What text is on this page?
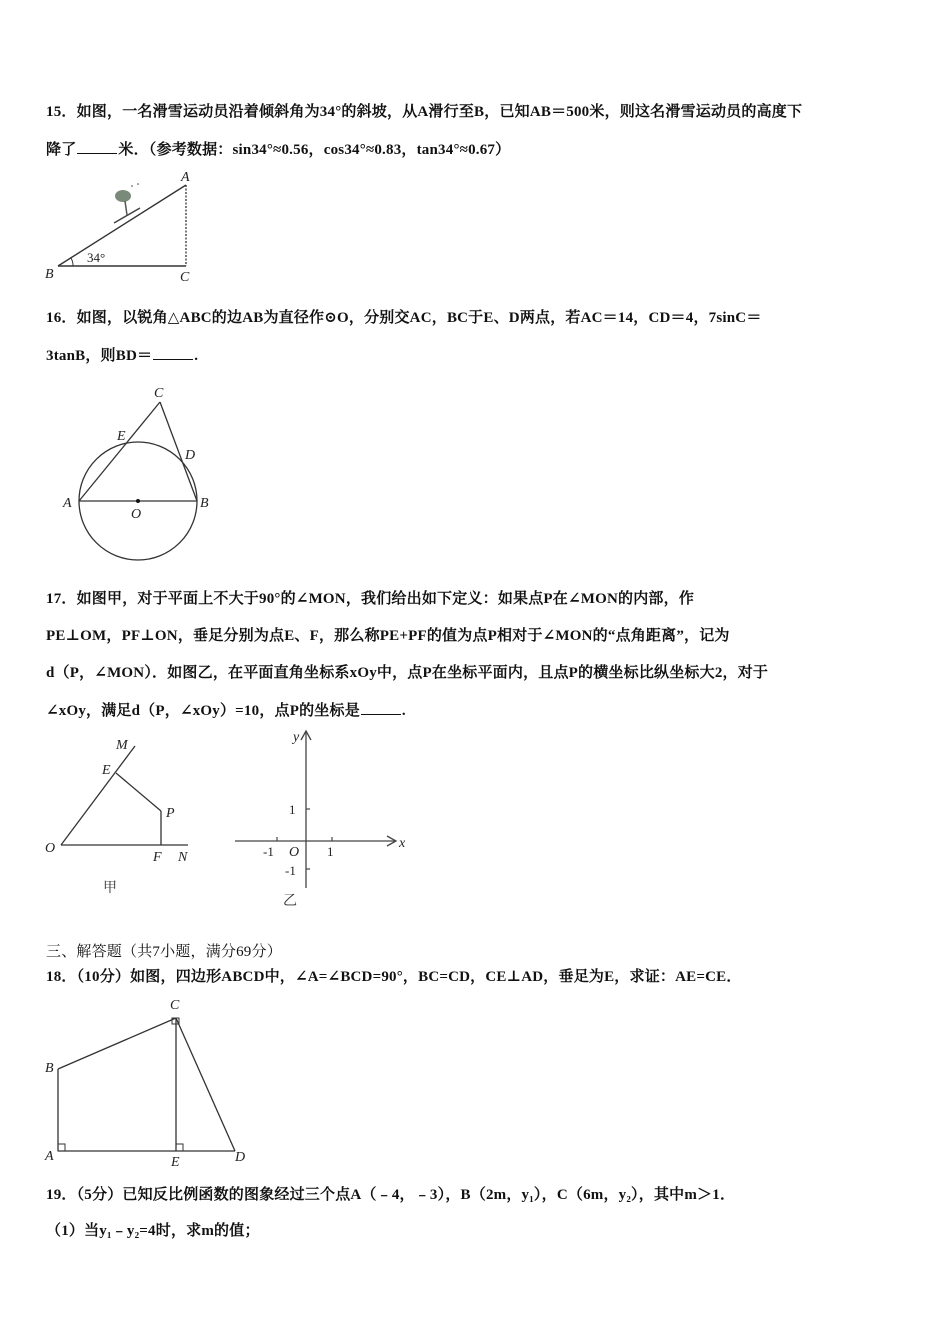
15．如图，一名滑雪运动员沿着倾斜角为34°的斜坡，从A滑行至B，已知AB＝500米，则这名滑雪运动员的高度下
降了	米．（参考数据：sin34°≈0.56，cos34°≈0.83，tan34°≈0.67）
A
B	C
34°
16．如图，以锐角△ABC的边AB为直径作⊙O，分别交AC，BC于E、D两点，若AC＝14，CD＝4，7sinC＝
3tanB，则BD＝	.
C
E
D
A	B
O
17．如图甲，对于平面上不大于90°的∠MON，我们给出如下定义：如果点P在∠MON的内部，作
PE⊥OM，PF⊥ON，垂足分别为点E、F，那么称PE+PF的值为点P相对于∠MON的“点角距离”，记为
d（P，∠MON）．如图乙，在平面直角坐标系xOy中，点P在坐标平面内，且点P的横坐标比纵坐标大2，对于
∠xOy，满足d（P，∠xOy）=10，点P的坐标是	.
M
E
P
O
F N
甲
y
x
1
-1 O 1
-1
乙
三、解答题（共7小题，满分69分）
18．（10分）如图，四边形ABCD中，∠A=∠BCD=90°，BC=CD，CE⊥AD，垂足为E，求证：AE=CE．
C
B
A	E	D
19．（5分）已知反比例函数的图象经过三个点A（﹣4，﹣3），B（2m，y₁），C（6m，y₂），其中m＞1．
（1）当y₁﹣y₂=4时，求m的值；
